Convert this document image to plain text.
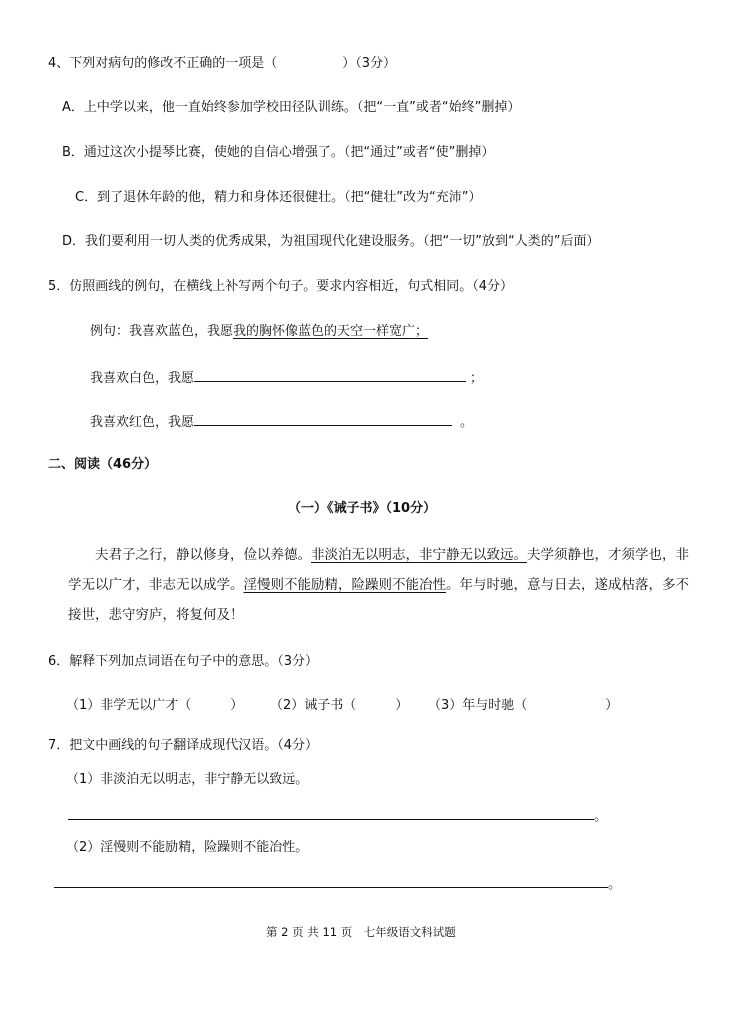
4、下列对病句的修改不正确的一项是（　　　　　）（3分）
A．上中学以来，他一直始终参加学校田径队训练。（把“一直”或者“始终”删掉）
B．通过这次小提琴比赛，使她的自信心增强了。（把“通过”或者“使”删掉）
C．到了退休年龄的他，精力和身体还很健壮。（把“健壮”改为“充沛”）
D．我们要利用一切人类的优秀成果，为祖国现代化建设服务。（把“一切”放到“人类的”后面）
5．仿照画线的例句，在横线上补写两个句子。要求内容相近，句式相同。（4分）
例句：我喜欢蓝色，我愿我的胸怀像蓝色的天空一样宽广；
我喜欢白色，我愿	；
我喜欢红色，我愿	。
二、阅读（46分）
（一）《诫子书》（10分）
夫君子之行，静以修身，俭以养德。非淡泊无以明志，非宁静无以致远。夫学须静也，才须学也，非学无以广才，非志无以成学。淫慢则不能励精，险躁则不能冶性。年与时驰，意与日去，遂成枯落，多不接世，悲守穷庐，将复何及！
6．解释下列加点词语在句子中的意思。（3分）
（1）非学无以广才（　　　） （2）诫子书（　　　） （3）年与时驰（　　　　　　）
7．把文中画线的句子翻译成现代汉语。（4分）
（1）非淡泊无以明志，非宁静无以致远。
。
（2）淫慢则不能励精，险躁则不能冶性。
。
第 2 页 共 11 页　七年级语文科试题
